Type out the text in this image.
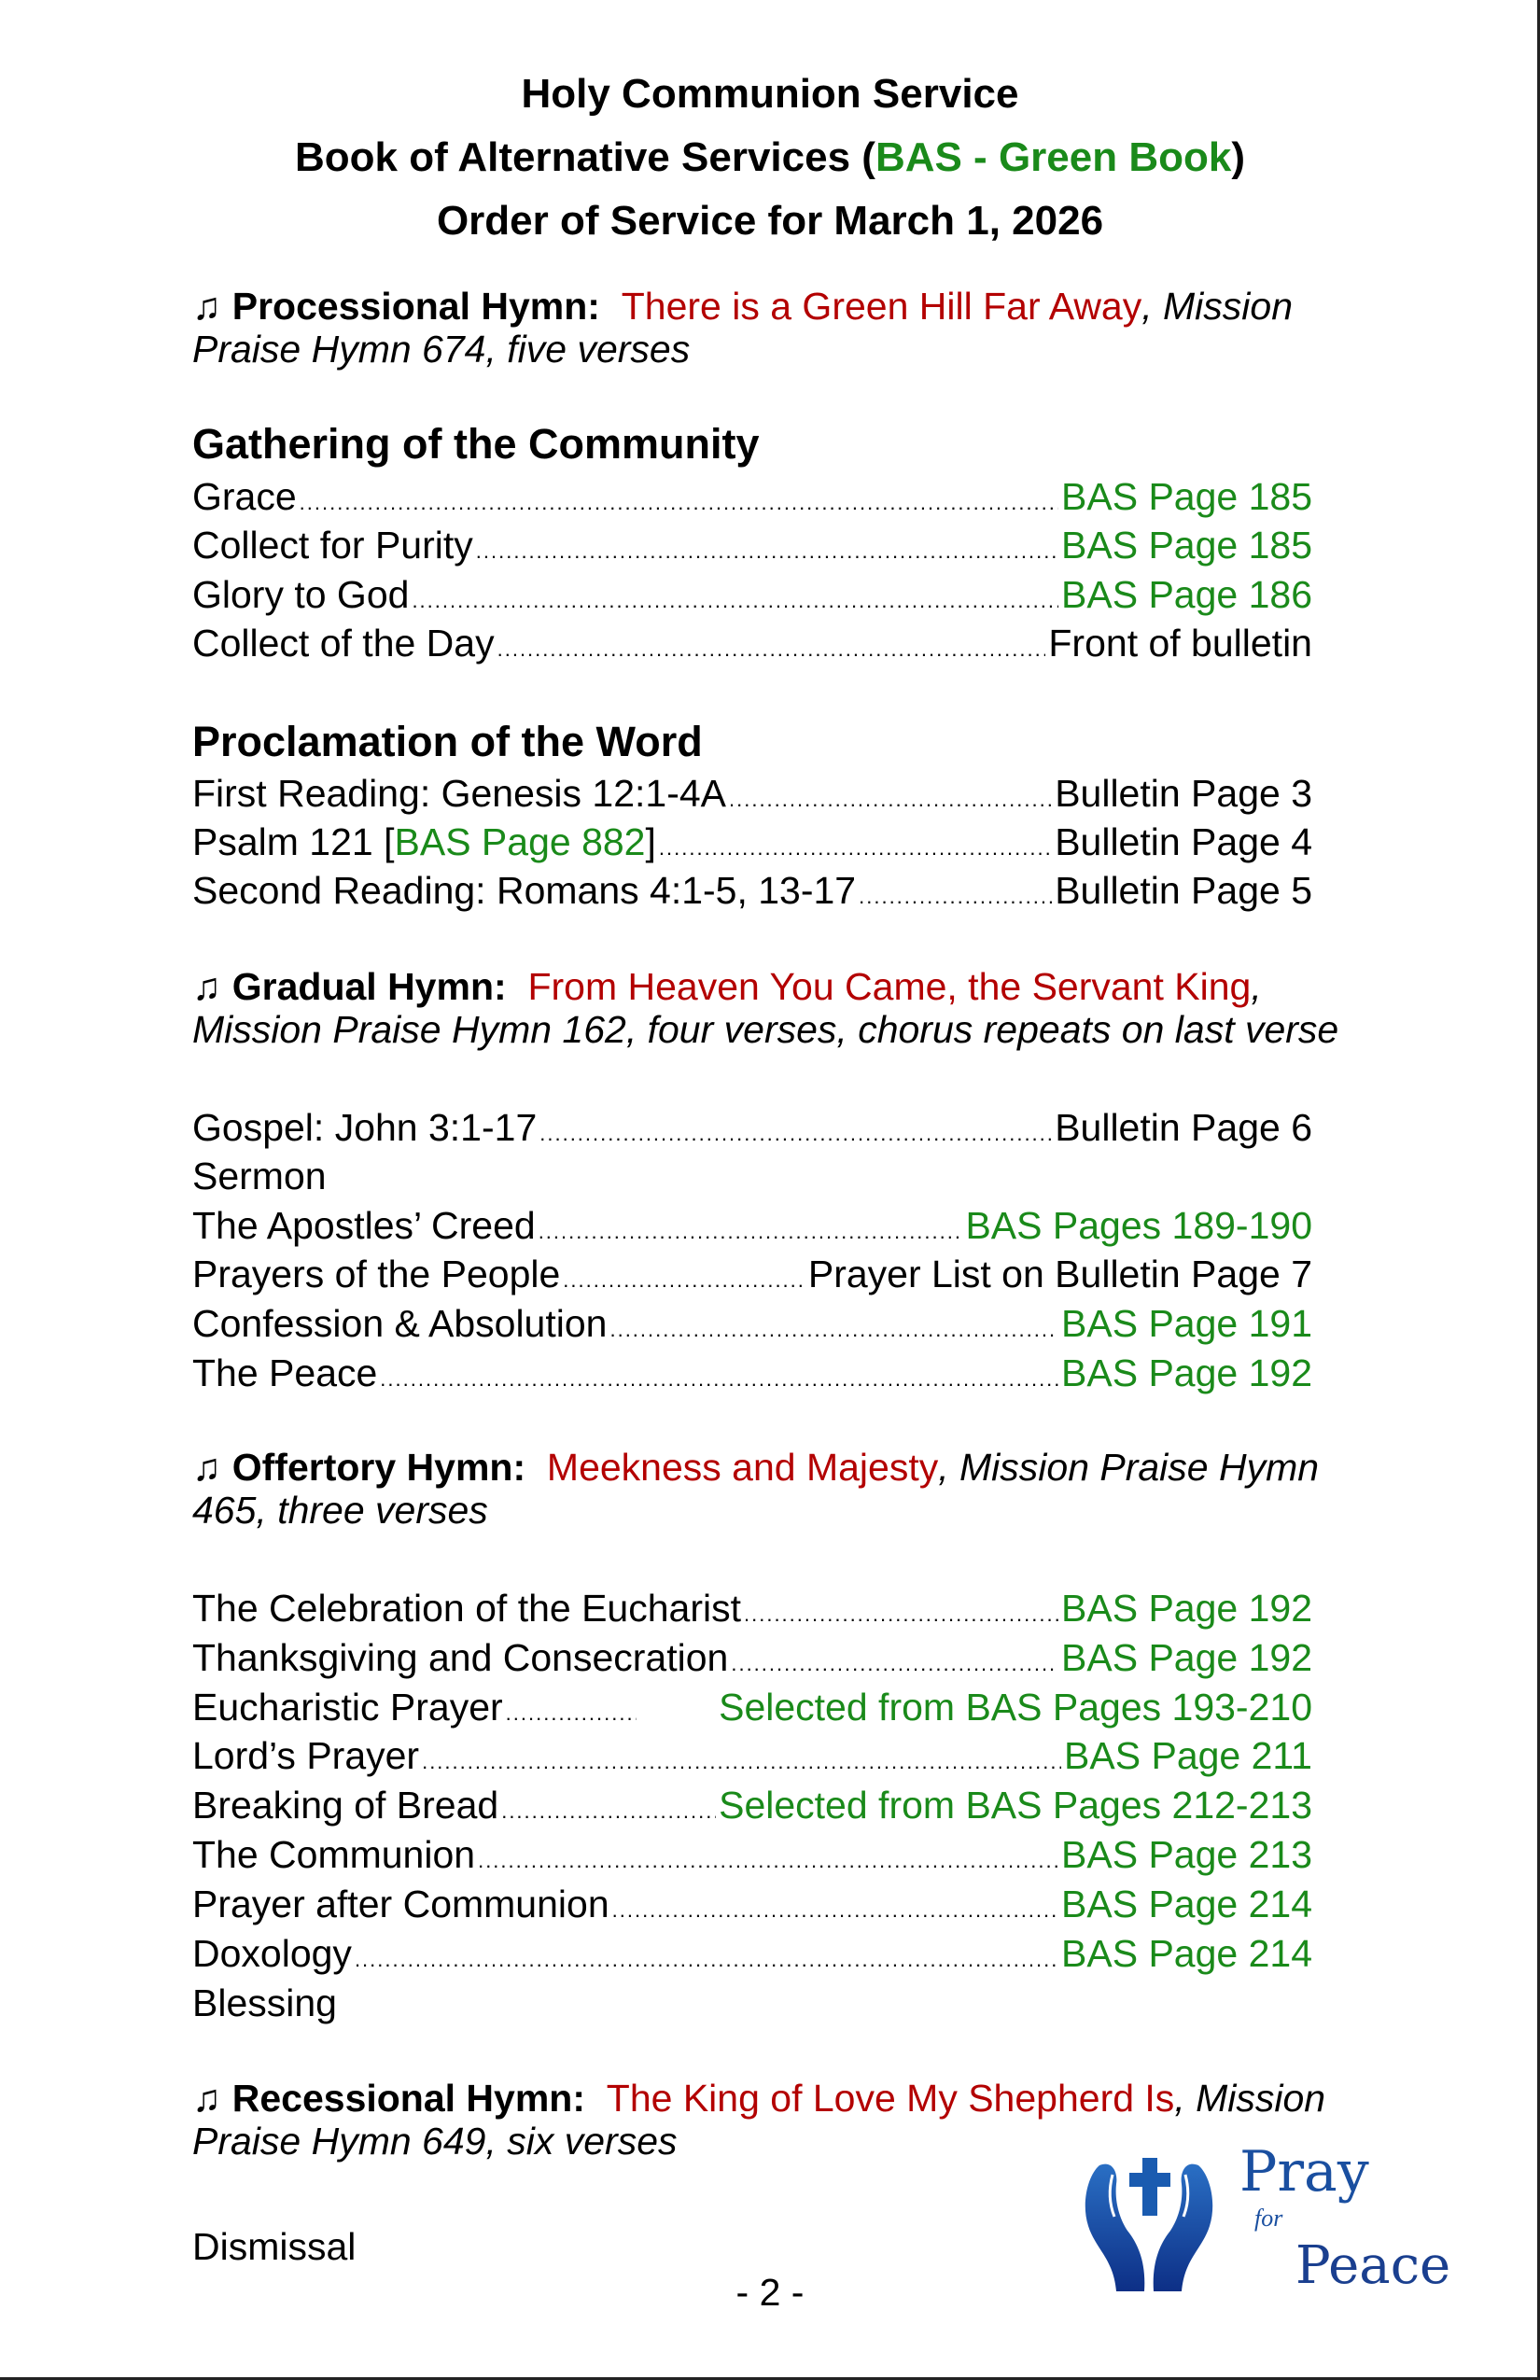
Holy Communion Service
Book of Alternative Services (BAS - Green Book)
Order of Service for March 1, 2026
♫ Processional Hymn: There is a Green Hill Far Away, Mission
Praise Hymn 674, five verses
Gathering of the Community
Grace .....	BAS Page 185
Collect for Purity .....	BAS Page 185
Glory to God .....	BAS Page 186
Collect of the Day .....	Front of bulletin
Proclamation of the Word
First Reading: Genesis 12:1-4A .....	Bulletin Page 3
Psalm 121 [BAS Page 882] .....	Bulletin Page 4
Second Reading: Romans 4:1-5, 13-17 .....	Bulletin Page 5
♫ Gradual Hymn: From Heaven You Came, the Servant King,
Mission Praise Hymn 162, four verses, chorus repeats on last verse
Gospel: John 3:1-17 .....	Bulletin Page 6
Sermon
The Apostles’ Creed .....	BAS Pages 189-190
Prayers of the People .....	Prayer List on Bulletin Page 7
Confession & Absolution .....	BAS Page 191
The Peace .....	BAS Page 192
♫ Offertory Hymn: Meekness and Majesty, Mission Praise Hymn
465, three verses
The Celebration of the Eucharist .....	BAS Page 192
Thanksgiving and Consecration .....	BAS Page 192
Eucharistic Prayer .....	Selected from BAS Pages 193-210
Lord’s Prayer .....	BAS Page 211
Breaking of Bread .....	Selected from BAS Pages 212-213
The Communion .....	BAS Page 213
Prayer after Communion .....	BAS Page 214
Doxology .....	BAS Page 214
Blessing
♫ Recessional Hymn: The King of Love My Shepherd Is, Mission
Praise Hymn 649, six verses
Dismissal
- 2 -
Pray
for
Peace
